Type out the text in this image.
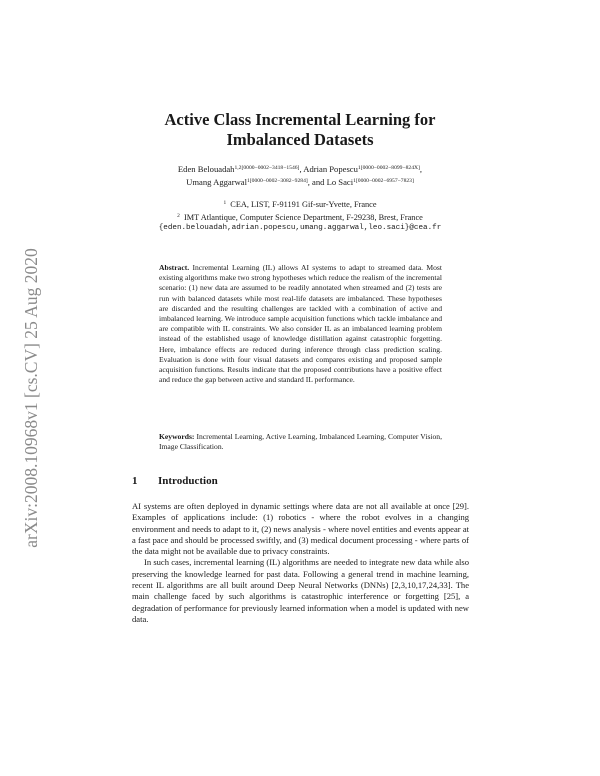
arXiv:2008.10968v1 [cs.CV] 25 Aug 2020
Active Class Incremental Learning for
Imbalanced Datasets
Eden Belouadah$^{1,2[0000-0002-3418-1546]}$, Adrian Popescu$^{1[0000-0002-8099-824X]}$,
Umang Aggarwal$^{1[0000-0002-3082-9284]}$, and Lo Saci$^{1[0000-0002-6957-7823]}$
$^1$ CEA, LIST, F-91191 Gif-sur-Yvette, France
$^2$ IMT Atlantique, Computer Science Department, F-29238, Brest, France
{eden.belouadah,adrian.popescu,umang.aggarwal,leo.saci}@cea.fr
Abstract. Incremental Learning (IL) allows AI systems to adapt to streamed data. Most existing algorithms make two strong hypotheses which reduce the realism of the incremental scenario: (1) new data are assumed to be readily annotated when streamed and (2) tests are run with balanced datasets while most real-life datasets are imbalanced. These hypotheses are discarded and the resulting challenges are tackled with a combination of active and imbalanced learning. We introduce sample acquisition functions which tackle imbalance and are compatible with IL constraints. We also consider IL as an imbalanced learning problem instead of the established usage of knowledge distillation against catastrophic forgetting. Here, imbalance effects are reduced during inference through class prediction scaling. Evaluation is done with four visual datasets and compares existing and proposed sample acquisition functions. Results indicate that the proposed contributions have a positive effect and reduce the gap between active and standard IL performance.
Keywords: Incremental Learning, Active Learning, Imbalanced Learning, Computer Vision, Image Classification.
1 Introduction

AI systems are often deployed in dynamic settings where data are not all available at once [29]. Examples of applications include: (1) robotics - where the robot evolves in a changing environment and needs to adapt to it, (2) news analysis - where novel entities and events appear at a fast pace and should be processed swiftly, and (3) medical document processing - where parts of the data might not be available due to privacy constraints.

In such cases, incremental learning (IL) algorithms are needed to integrate new data while also preserving the knowledge learned for past data. Following a general trend in machine learning, recent IL algorithms are all built around Deep Neural Networks (DNNs) [2,3,10,17,24,33]. The main challenge faced by such algorithms is catastrophic interference or forgetting [25], a degradation of performance for previously learned information when a model is updated with new data.
